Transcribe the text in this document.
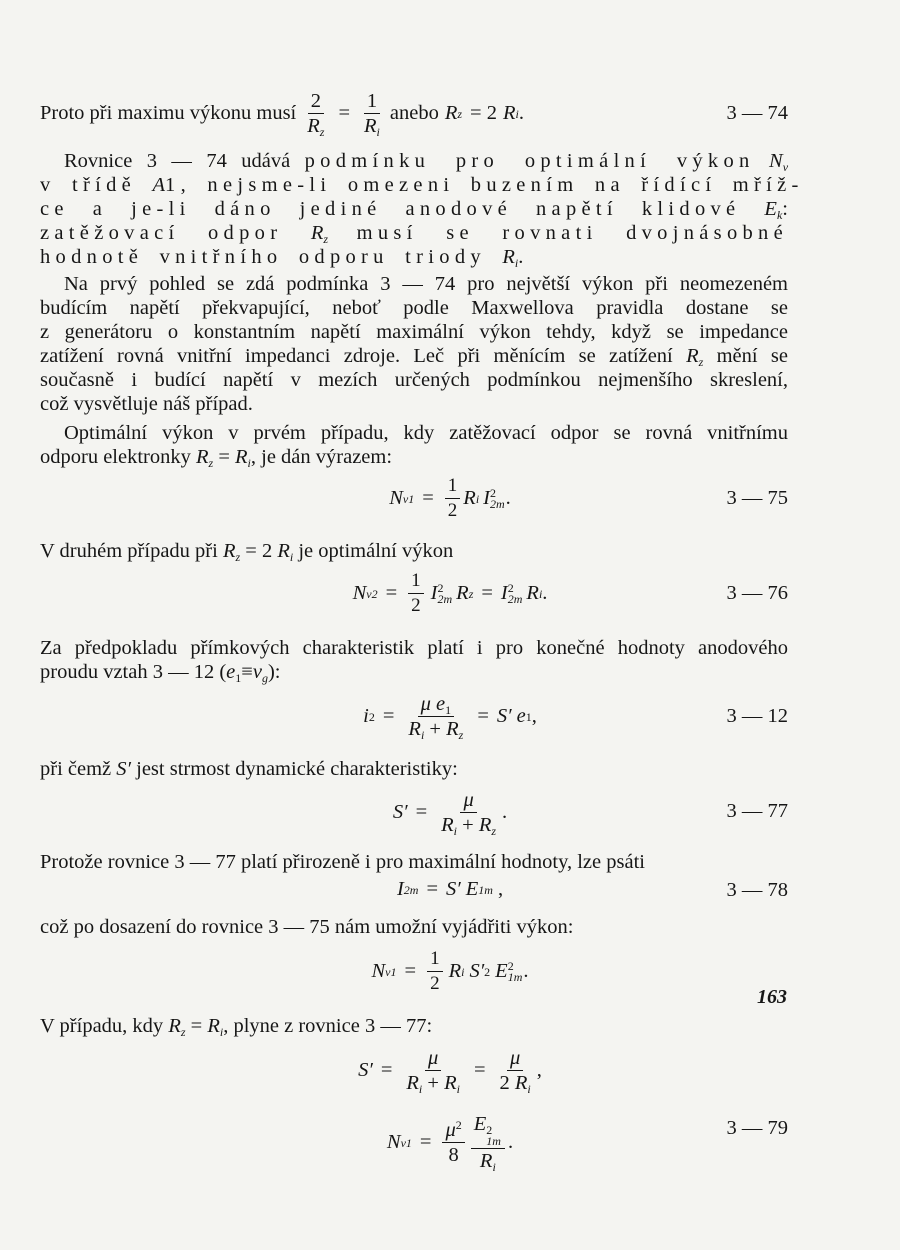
Proto při maximu výkonu musí $\frac{2}{R_z} = \frac{1}{R_i}$ anebo R z = 2 R i .	3 — 74
Rovnice 3 — 74 udává podmínku pro optimální výkon $N_v$
v třídě A1, nejsme-li omezeni buzením na řídící mříž-
ce a je-li dáno jediné anodové napětí klidové $E_k$:
zatěžovací odpor $R_z$ musí se rovnati dvojnásobné
hodnotě vnitřního odporu triody $R_i$.
Na prvý pohled se zdá podmínka 3 — 74 pro největší výkon při neomezeném
budícím napětí překvapující, neboť podle Maxwellova pravidla dostane se
z generátoru o konstantním napětí maximální výkon tehdy, když se impedance
zatížení rovná vnitřní impedanci zdroje. Leč při měnícím se zatížení $R_z$ mění se
současně i budící napětí v mezích určených podmínkou nejmenšího skreslení,
což vysvětluje náš případ.
Optimální výkon v prvém případu, kdy zatěžovací odpor se rovná vnitřnímu
odporu elektronky $R_z = R_i$, je dán výrazem:
N $v1 = \frac{1}{2}$ R i I 2
2m .	3 — 75
V druhém případu při $R_z = 2$ $R_i$ je optimální výkon
N $v2 = \frac{1}{2}$ I 2
2m R z = I 2
2m R i .	3 — 76
Za předpokladu přímkových charakteristik platí i pro konečné hodnoty anodového
proudu vztah 3 — 12 $(e_1\equiv v_g)$:
i $2 = \frac{\mu e_1}{R_i + R_z} = S'$ e 1 ,	3 — 12
při čemž S′ jest strmost dynamické charakteristiky:
$S' = \frac{\mu}{R_i + R_z}$ .	3 — 77
Protože rovnice 3 — 77 platí přirozeně i pro maximální hodnoty, lze psáti
I 2m = S′ E 1m ,	3 — 78
což po dosazení do rovnice 3 — 75 nám umožní vyjádřiti výkon:
N $v1 = \frac{1}{2}$ R i S′ 2 E 2
1m .
V případu, kdy $R_z = R_i$, plyne z rovnice 3 — 77:
$S' = \frac{\mu}{R_i + R_i} = \frac{\mu}{2 R_i}$ ,
N $v1 = \frac{\mu^2}{8}$ E 2
1m
$R_i$ .
3 — 79
163
